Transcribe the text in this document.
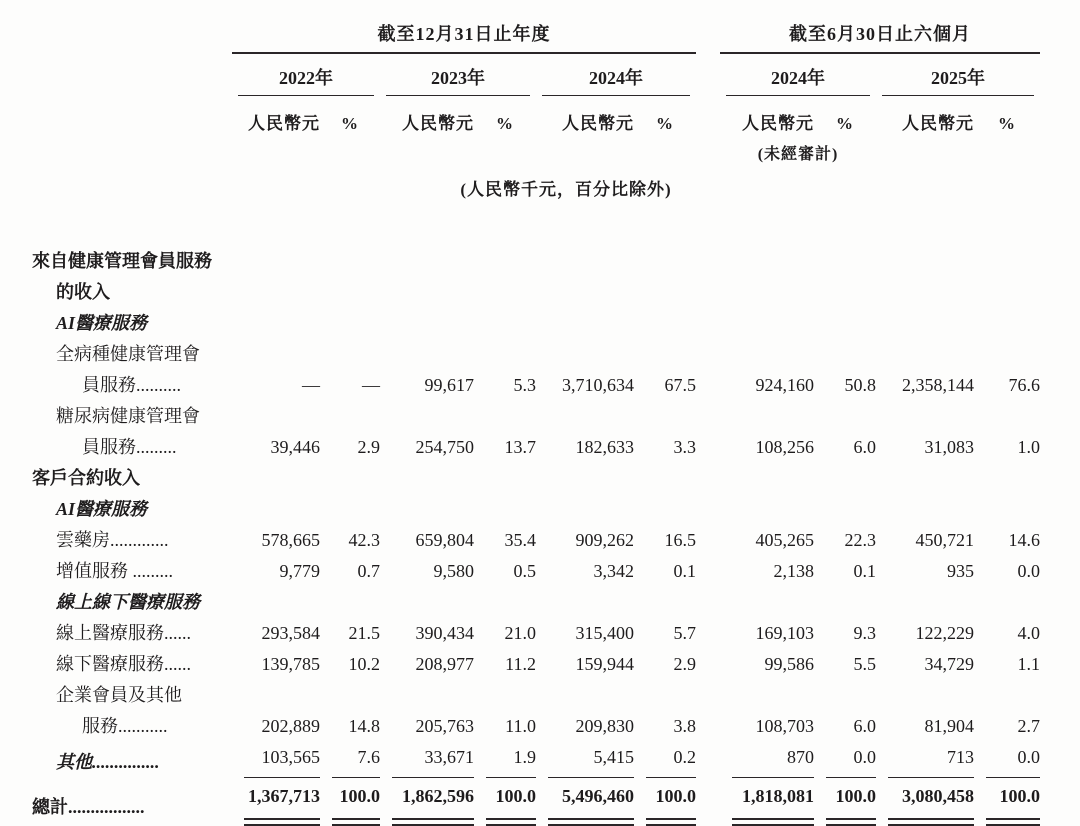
	截至12月31日止年度							截至6月30日止六個月			

	2022年		2023年		2024年			2024年		2025年	

	人民幣元	%	人民幣元	%	人民幣元	%		人民幣元	%	人民幣元	%
								(未經審計)			
(人民幣千元，百分比除外)											

來自健康管理會員服務
的收入											

AI醫療服務											

全病種健康管理會
員服務..........	—	—	99,617	5.3	3,710,634	67.5		924,160	50.8	2,358,144	76.6

糖尿病健康管理會
員服務.........	39,446	2.9	254,750	13.7	182,633	3.3		108,256	6.0	31,083	1.0

客戶合約收入											

AI醫療服務											

雲藥房.............	578,665	42.3	659,804	35.4	909,262	16.5		405,265	22.3	450,721	14.6

增值服務 .........	9,779	0.7	9,580	0.5	3,342	0.1		2,138	0.1	935	0.0

線上線下醫療服務											

線上醫療服務......	293,584	21.5	390,434	21.0	315,400	5.7		169,103	9.3	122,229	4.0

線下醫療服務......	139,785	10.2	208,977	11.2	159,944	2.9		99,586	5.5	34,729	1.1

企業會員及其他
服務...........	202,889	14.8	205,763	11.0	209,830	3.8		108,703	6.0	81,904	2.7

其他...............	103,565	7.6	33,671	1.9	5,415	0.2		870	0.0	713	0.0

總計.................	1,367,713	100.0	1,862,596	100.0	5,496,460	100.0		1,818,081	100.0	3,080,458	100.0
